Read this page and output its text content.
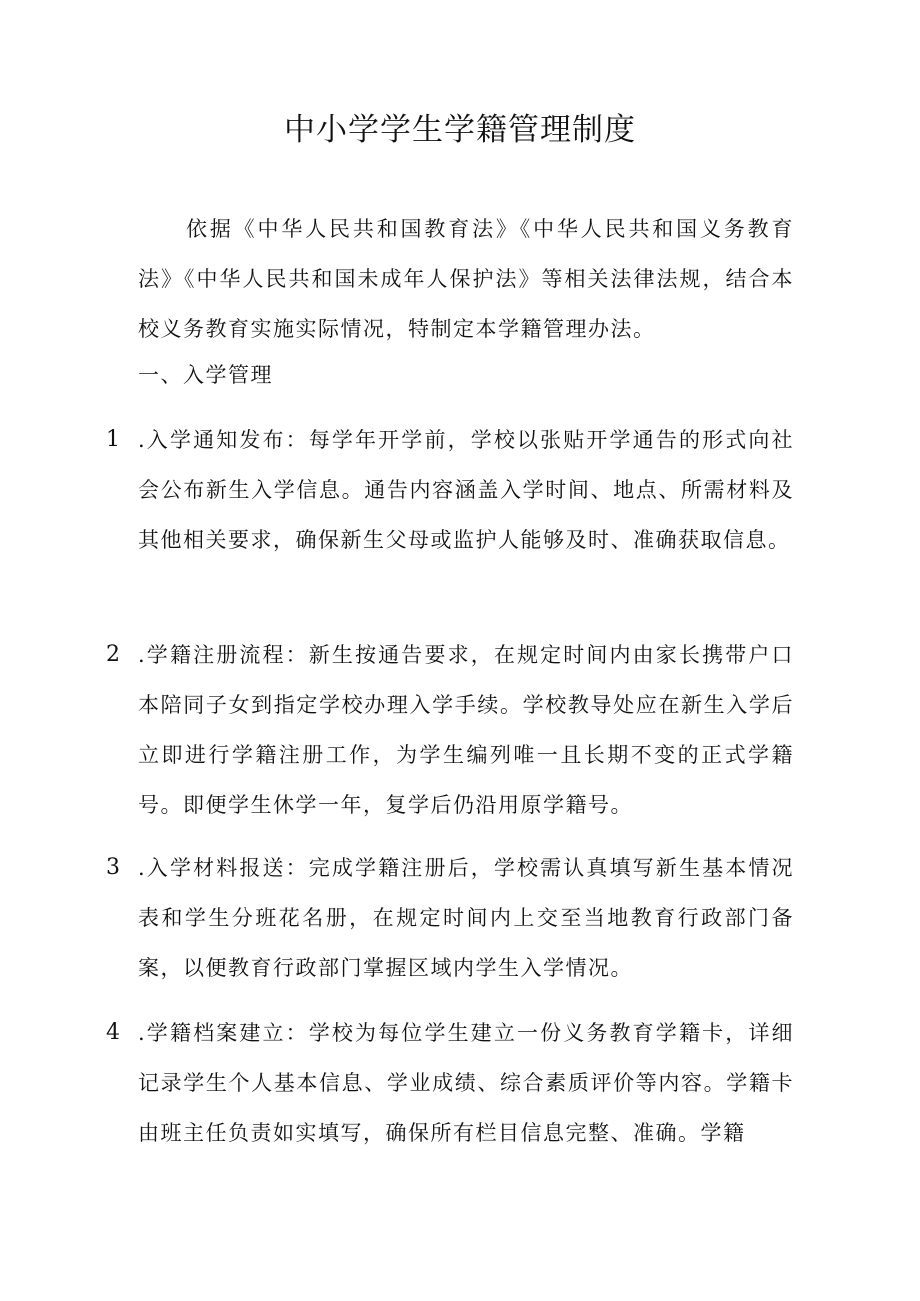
中小学学生学籍管理制度

依据《中华人民共和国教育法》《中华人民共和国义务教育法》《中华人民共和国未成年人保护法》等相关法律法规，结合本校义务教育实施实际情况，特制定本学籍管理办法。

一、入学管理
1 .入学通知发布：每学年开学前，学校以张贴开学通告的形式向社会公布新生入学信息。通告内容涵盖入学时间、地点、所需材料及其他相关要求，确保新生父母或监护人能够及时、准确获取信息。

2 .学籍注册流程：新生按通告要求，在规定时间内由家长携带户口本陪同子女到指定学校办理入学手续。学校教导处应在新生入学后立即进行学籍注册工作，为学生编列唯一且长期不变的正式学籍号。即便学生休学一年，复学后仍沿用原学籍号。

3 .入学材料报送：完成学籍注册后，学校需认真填写新生基本情况表和学生分班花名册，在规定时间内上交至当地教育行政部门备案，以便教育行政部门掌握区域内学生入学情况。

4 .学籍档案建立：学校为每位学生建立一份义务教育学籍卡，详细记录学生个人基本信息、学业成绩、综合素质评价等内容。学籍卡由班主任负责如实填写，确保所有栏目信息完整、准确。学籍
